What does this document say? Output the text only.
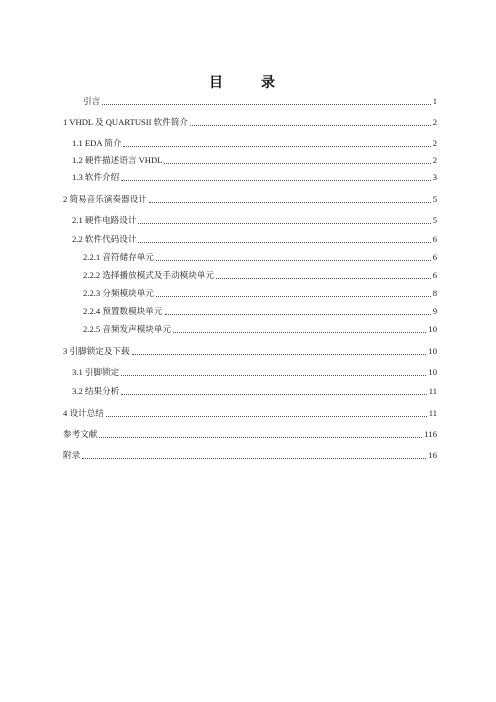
目　录
引言	1
1 VHDL 及 QUARTUSII 软件简介	2
1.1 EDA 简介	2
1.2 硬件描述语言 VHDL	2
1.3 软件介绍	3
2 简易音乐演奏器设计	5
2.1 硬件电路设计	5
2.2 软件代码设计	6
2.2.1 音符储存单元	6
2.2.2 选择播放模式及手动模块单元	6
2.2.3 分频模块单元	8
2.2.4 预置数模块单元	9
2.2.5 音频发声模块单元	10
3 引脚锁定及下载	10
3.1 引脚锁定	10
3.2 结果分析	11
4 设计总结	11
参考文献	116
附录	16
